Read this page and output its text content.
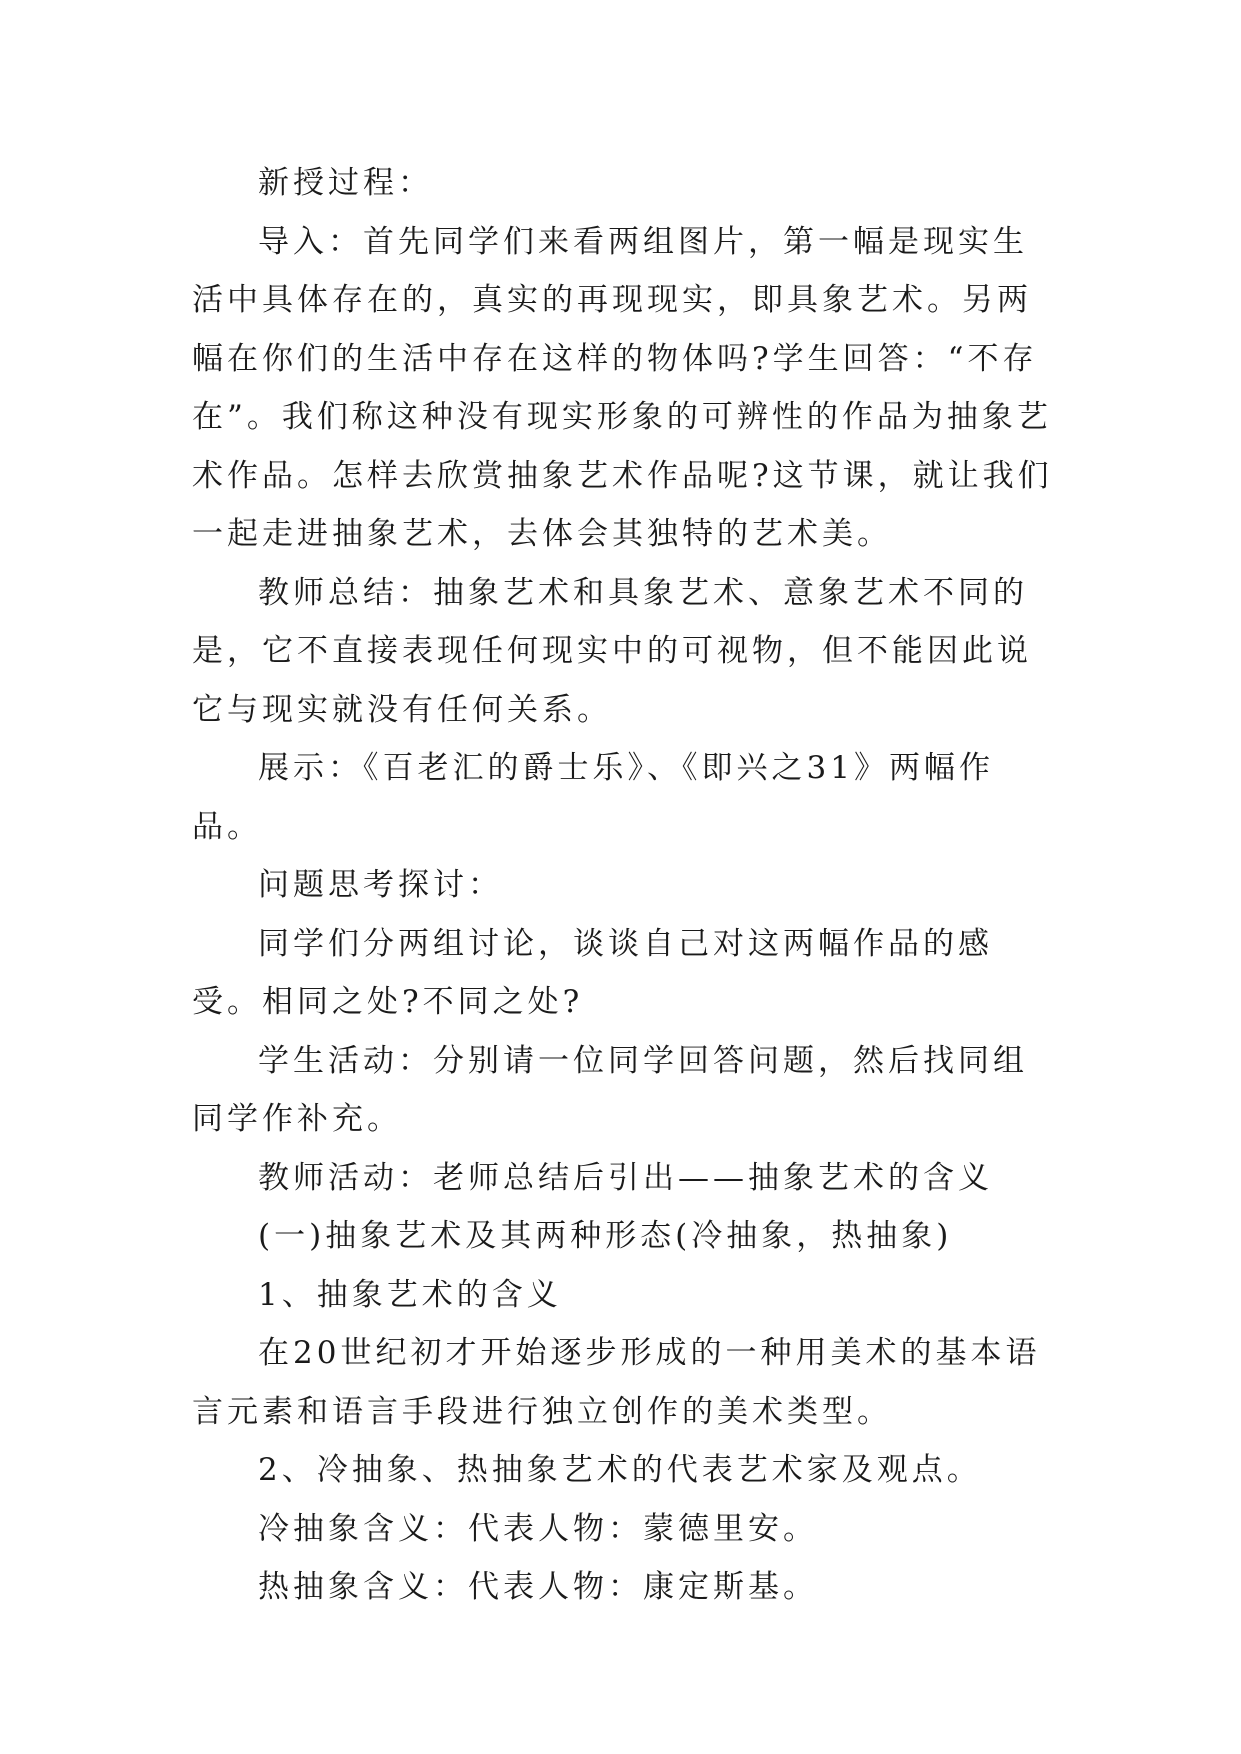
新授过程：

导入：首先同学们来看两组图片，第一幅是现实生活中具体存在的，真实的再现现实，即具象艺术。另两幅在你们的生活中存在这样的物体吗?学生回答：“不存在”。我们称这种没有现实形象的可辨性的作品为抽象艺术作品。怎样去欣赏抽象艺术作品呢?这节课，就让我们一起走进抽象艺术，去体会其独特的艺术美。

教师总结：抽象艺术和具象艺术、意象艺术不同的是，它不直接表现任何现实中的可视物，但不能因此说它与现实就没有任何关系。

展示：《百老汇的爵士乐》、《即兴之31》两幅作品。

问题思考探讨：

同学们分两组讨论，谈谈自己对这两幅作品的感受。相同之处?不同之处?

学生活动：分别请一位同学回答问题，然后找同组同学作补充。

教师活动：老师总结后引出——抽象艺术的含义

(一)抽象艺术及其两种形态(冷抽象，热抽象)

1、抽象艺术的含义

在20世纪初才开始逐步形成的一种用美术的基本语言元素和语言手段进行独立创作的美术类型。

2、冷抽象、热抽象艺术的代表艺术家及观点。

冷抽象含义：代表人物：蒙德里安。

热抽象含义：代表人物：康定斯基。
